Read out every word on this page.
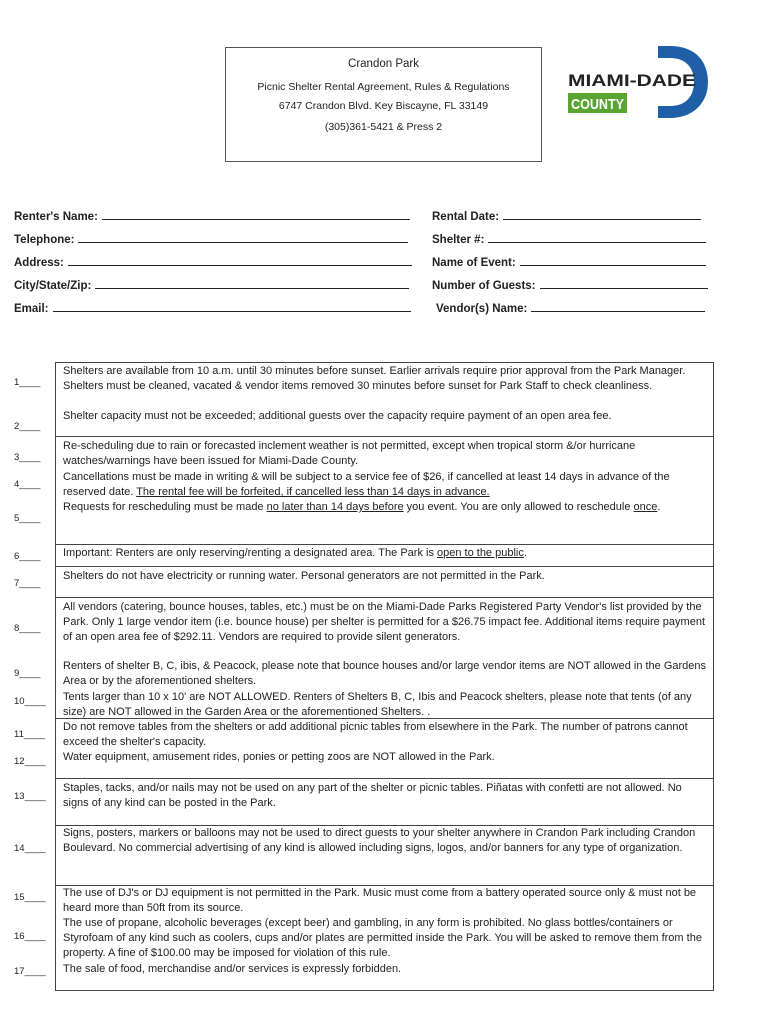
Crandon Park
Picnic Shelter Rental Agreement, Rules & Regulations
6747 Crandon Blvd. Key Biscayne, FL 33149
(305)361-5421 & Press 2
MIAMI-DADE
COUNTY
Renter's Name:
Telephone:
Address:
City/State/Zip:
Email:
Rental Date:
Shelter #:
Name of Event:
Number of Guests:
Vendor(s) Name:
1____
2____
3____
4____
5____
6____
7____
8____
9____
10____
11____
12____
13____
14____
15____
16____
17____
Shelters are available from 10 a.m. until 30 minutes before sunset. Earlier arrivals require prior approval from the Park Manager. Shelters must be cleaned, vacated & vendor items removed 30 minutes before sunset for Park Staff to check cleanliness.
Shelter capacity must not be exceeded; additional guests over the capacity require payment of an open area fee.
Re-scheduling due to rain or forecasted inclement weather is not permitted, except when tropical storm &/or hurricane watches/warnings have been issued for Miami-Dade County.
Cancellations must be made in writing & will be subject to a service fee of $26, if cancelled at least 14 days in advance of the reserved date. The rental fee will be forfeited, if cancelled less than 14 days in advance.
Requests for rescheduling must be made no later than 14 days before you event. You are only allowed to reschedule once.
Important: Renters are only reserving/renting a designated area. The Park is open to the public.
Shelters do not have electricity or running water. Personal generators are not permitted in the Park.
All vendors (catering, bounce houses, tables, etc.) must be on the Miami-Dade Parks Registered Party Vendor's list provided by the Park. Only 1 large vendor item (i.e. bounce house) per shelter is permitted for a $26.75 impact fee. Additional items require payment of an open area fee of $292.11. Vendors are required to provide silent generators.
Renters of shelter B, C, ibis, & Peacock, please note that bounce houses and/or large vendor items are NOT allowed in the Gardens Area or by the aforementioned shelters.
Tents larger than 10 x 10' are NOT ALLOWED. Renters of Shelters B, C, Ibis and Peacock shelters, please note that tents (of any size) are NOT allowed in the Garden Area or the aforementioned Shelters. .
Do not remove tables from the shelters or add additional picnic tables from elsewhere in the Park. The number of patrons cannot exceed the shelter's capacity.
Water equipment, amusement rides, ponies or petting zoos are NOT allowed in the Park.
Staples, tacks, and/or nails may not be used on any part of the shelter or picnic tables. Piñatas with confetti are not allowed. No signs of any kind can be posted in the Park.
Signs, posters, markers or balloons may not be used to direct guests to your shelter anywhere in Crandon Park including Crandon Boulevard. No commercial advertising of any kind is allowed including signs, logos, and/or banners for any type of organization.
The use of DJ's or DJ equipment is not permitted in the Park. Music must come from a battery operated source only & must not be heard more than 50ft from its source.
The use of propane, alcoholic beverages (except beer) and gambling, in any form is prohibited. No glass bottles/containers or Styrofoam of any kind such as coolers, cups and/or plates are permitted inside the Park. You will be asked to remove them from the property. A fine of $100.00 may be imposed for violation of this rule.
The sale of food, merchandise and/or services is expressly forbidden.
